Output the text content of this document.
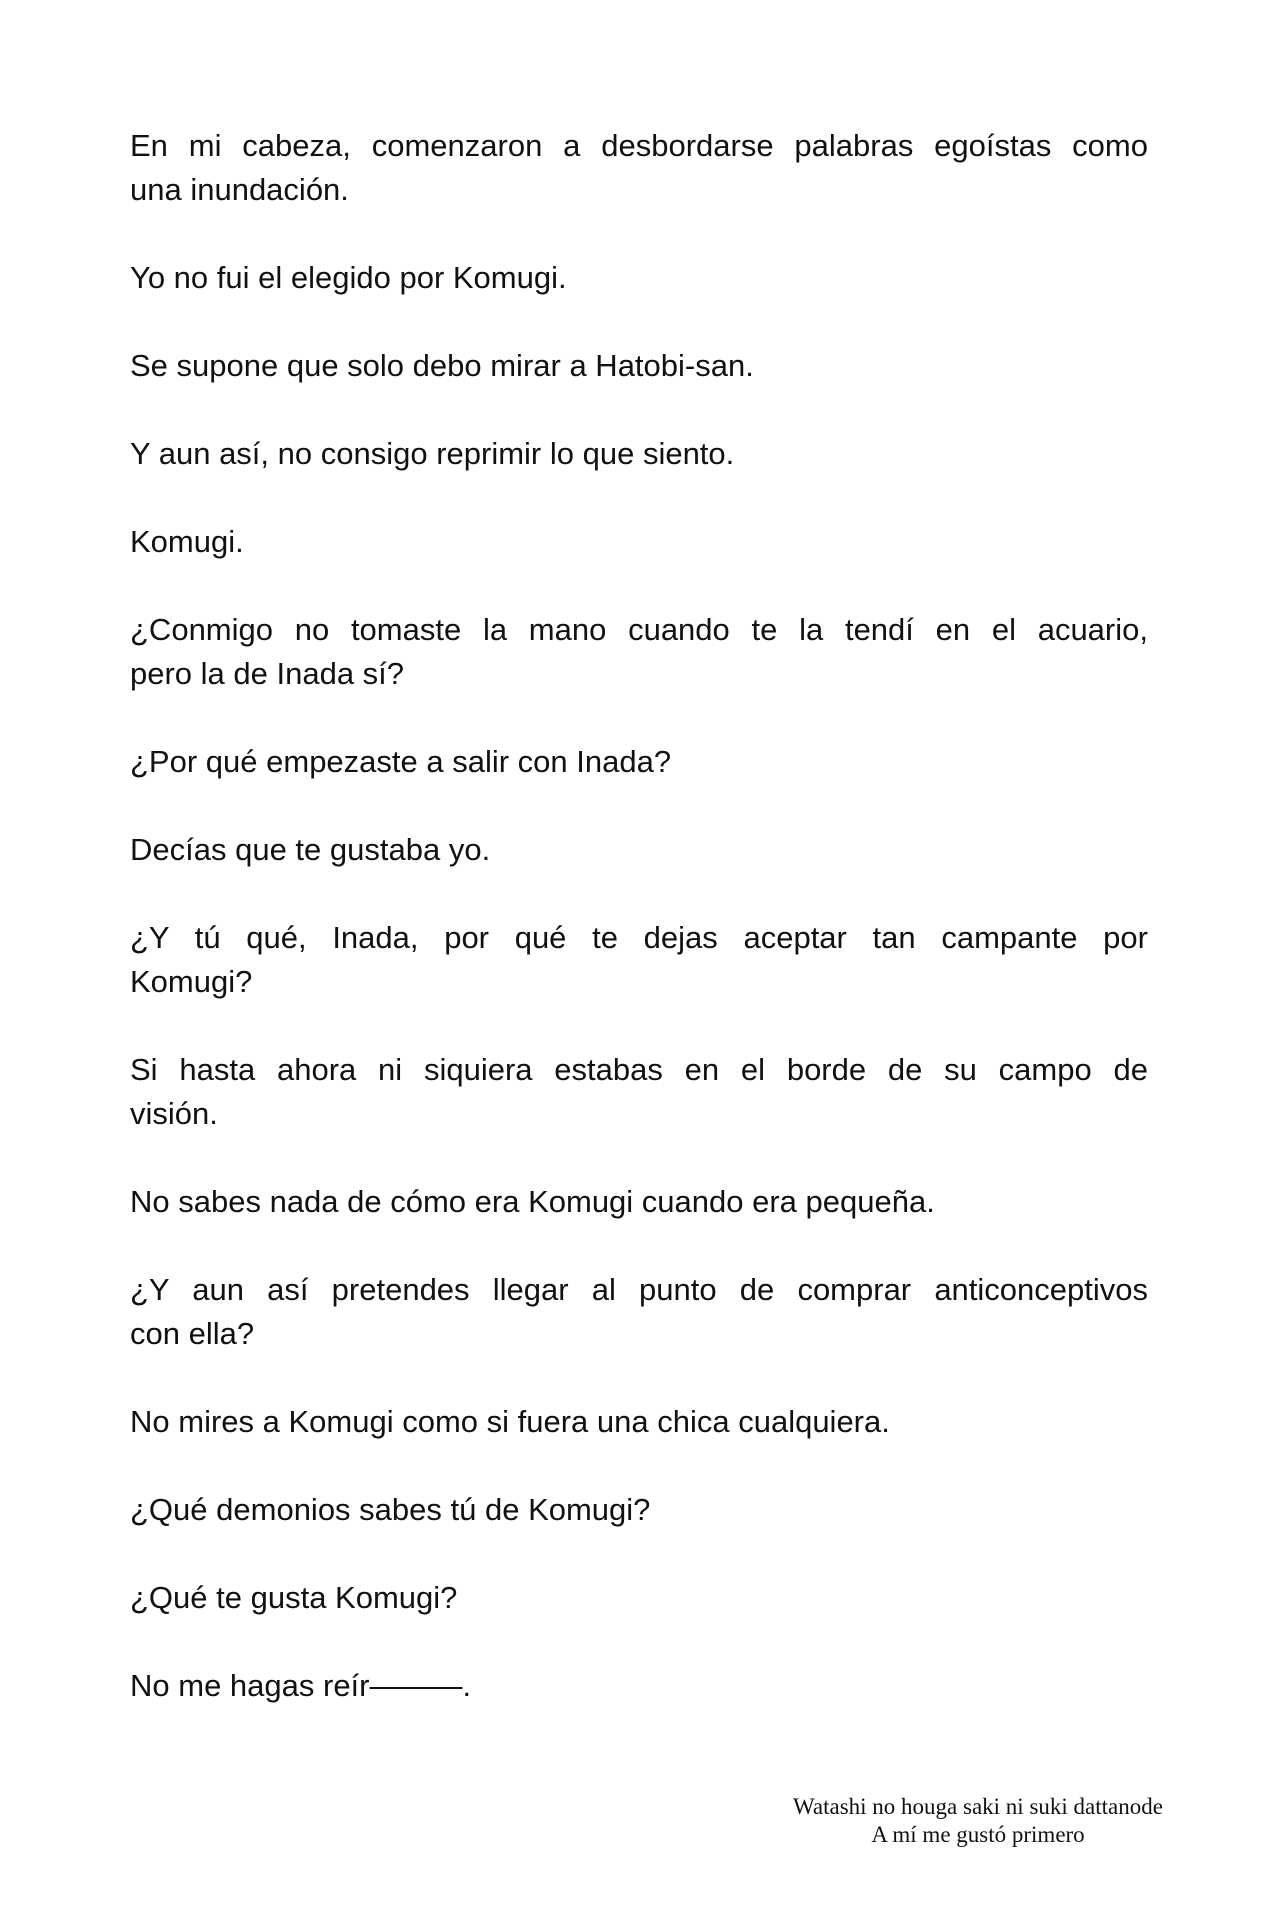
En mi cabeza, comenzaron a desbordarse palabras egoístas como
una inundación.

Yo no fui el elegido por Komugi.

Se supone que solo debo mirar a Hatobi-san.

Y aun así, no consigo reprimir lo que siento.

Komugi.

¿Conmigo no tomaste la mano cuando te la tendí en el acuario,
pero la de Inada sí?

¿Por qué empezaste a salir con Inada?

Decías que te gustaba yo.

¿Y tú qué, Inada, por qué te dejas aceptar tan campante por
Komugi?

Si hasta ahora ni siquiera estabas en el borde de su campo de
visión.

No sabes nada de cómo era Komugi cuando era pequeña.

¿Y aun así pretendes llegar al punto de comprar anticonceptivos
con ella?

No mires a Komugi como si fuera una chica cualquiera.

¿Qué demonios sabes tú de Komugi?

¿Qué te gusta Komugi?

No me hagas reír———.

Watashi no houga saki ni suki dattanode
A mí me gustó primero
